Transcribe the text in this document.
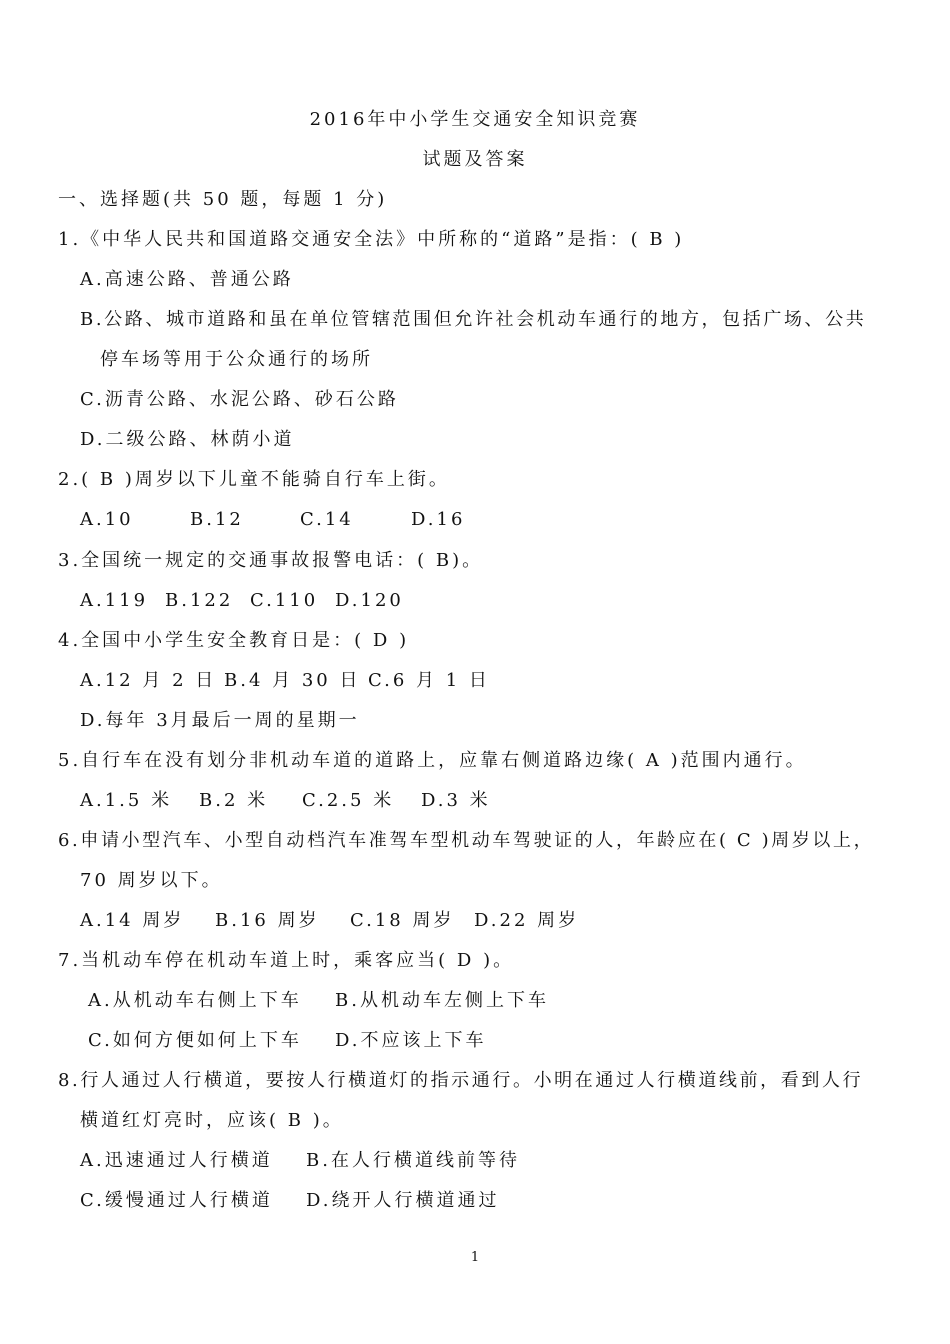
2016年中小学生交通安全知识竞赛
试题及答案
一、选择题(共 50 题，每题 1 分)
1.《中华人民共和国道路交通安全法》中所称的“道路”是指：( B )
A.高速公路、普通公路
B.公路、城市道路和虽在单位管辖范围但允许社会机动车通行的地方，包括广场、公共
停车场等用于公众通行的场所
C.沥青公路、水泥公路、砂石公路
D.二级公路、林荫小道
2.( B )周岁以下儿童不能骑自行车上街。
A.10	B.12	C.14	D.16
3.全国统一规定的交通事故报警电话：( B)。
A.119 B.122 C.110 D.120
4.全国中小学生安全教育日是：( D )
A.12 月 2 日 B.4 月 30 日 C.6 月 1 日
D.每年 3月最后一周的星期一
5.自行车在没有划分非机动车道的道路上，应靠右侧道路边缘( A )范围内通行。
A.1.5 米 B.2 米 C.2.5 米 D.3 米
6.申请小型汽车、小型自动档汽车准驾车型机动车驾驶证的人，年龄应在( C )周岁以上，
70 周岁以下。
A.14 周岁 B.16 周岁 C.18 周岁 D.22 周岁
7.当机动车停在机动车道上时，乘客应当( D )。
A.从机动车右侧上下车 B.从机动车左侧上下车
C.如何方便如何上下车 D.不应该上下车
8.行人通过人行横道，要按人行横道灯的指示通行。小明在通过人行横道线前，看到人行
横道红灯亮时，应该( B )。
A.迅速通过人行横道 B.在人行横道线前等待
C.缓慢通过人行横道 D.绕开人行横道通过
1
